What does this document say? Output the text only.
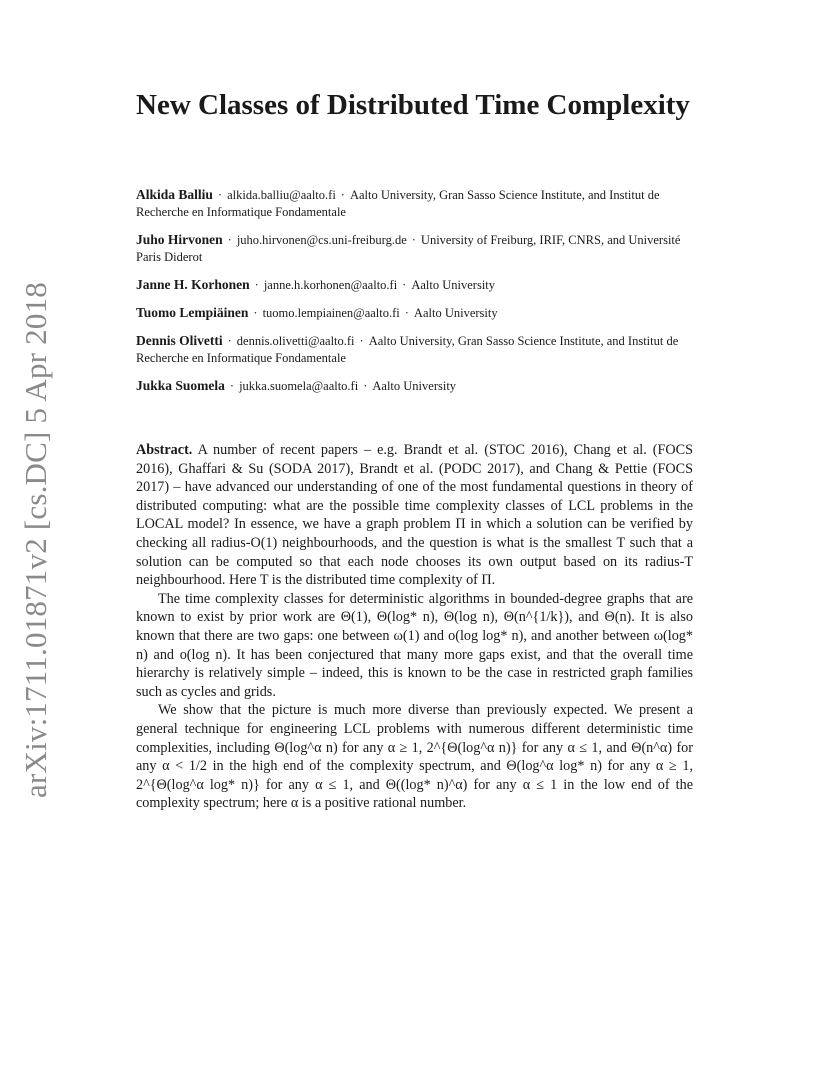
arXiv:1711.01871v2 [cs.DC] 5 Apr 2018
New Classes of Distributed Time Complexity

Alkida Balliu · alkida.balliu@aalto.fi · Aalto University, Gran Sasso Science Institute, and Institut de Recherche en Informatique Fondamentale

Juho Hirvonen · juho.hirvonen@cs.uni-freiburg.de · University of Freiburg, IRIF, CNRS, and Université Paris Diderot

Janne H. Korhonen · janne.h.korhonen@aalto.fi · Aalto University

Tuomo Lempiäinen · tuomo.lempiainen@aalto.fi · Aalto University

Dennis Olivetti · dennis.olivetti@aalto.fi · Aalto University, Gran Sasso Science Institute, and Institut de Recherche en Informatique Fondamentale

Jukka Suomela · jukka.suomela@aalto.fi · Aalto University

Abstract. A number of recent papers – e.g. Brandt et al. (STOC 2016), Chang et al. (FOCS 2016), Ghaffari & Su (SODA 2017), Brandt et al. (PODC 2017), and Chang & Pettie (FOCS 2017) – have advanced our understanding of one of the most fundamental questions in theory of distributed computing: what are the possible time complexity classes of LCL problems in the LOCAL model? In essence, we have a graph problem Π in which a solution can be verified by checking all radius-O(1) neighbourhoods, and the question is what is the smallest T such that a solution can be computed so that each node chooses its own output based on its radius-T neighbourhood. Here T is the distributed time complexity of Π.

The time complexity classes for deterministic algorithms in bounded-degree graphs that are known to exist by prior work are Θ(1), Θ(log* n), Θ(log n), Θ(n^{1/k}), and Θ(n). It is also known that there are two gaps: one between ω(1) and o(log log* n), and another between ω(log* n) and o(log n). It has been conjectured that many more gaps exist, and that the overall time hierarchy is relatively simple – indeed, this is known to be the case in restricted graph families such as cycles and grids.

We show that the picture is much more diverse than previously expected. We present a general technique for engineering LCL problems with numerous different deterministic time complexities, including Θ(log^α n) for any α ≥ 1, 2^{Θ(log^α n)} for any α ≤ 1, and Θ(n^α) for any α < 1/2 in the high end of the complexity spectrum, and Θ(log^α log* n) for any α ≥ 1, 2^{Θ(log^α log* n)} for any α ≤ 1, and Θ((log* n)^α) for any α ≤ 1 in the low end of the complexity spectrum; here α is a positive rational number.
